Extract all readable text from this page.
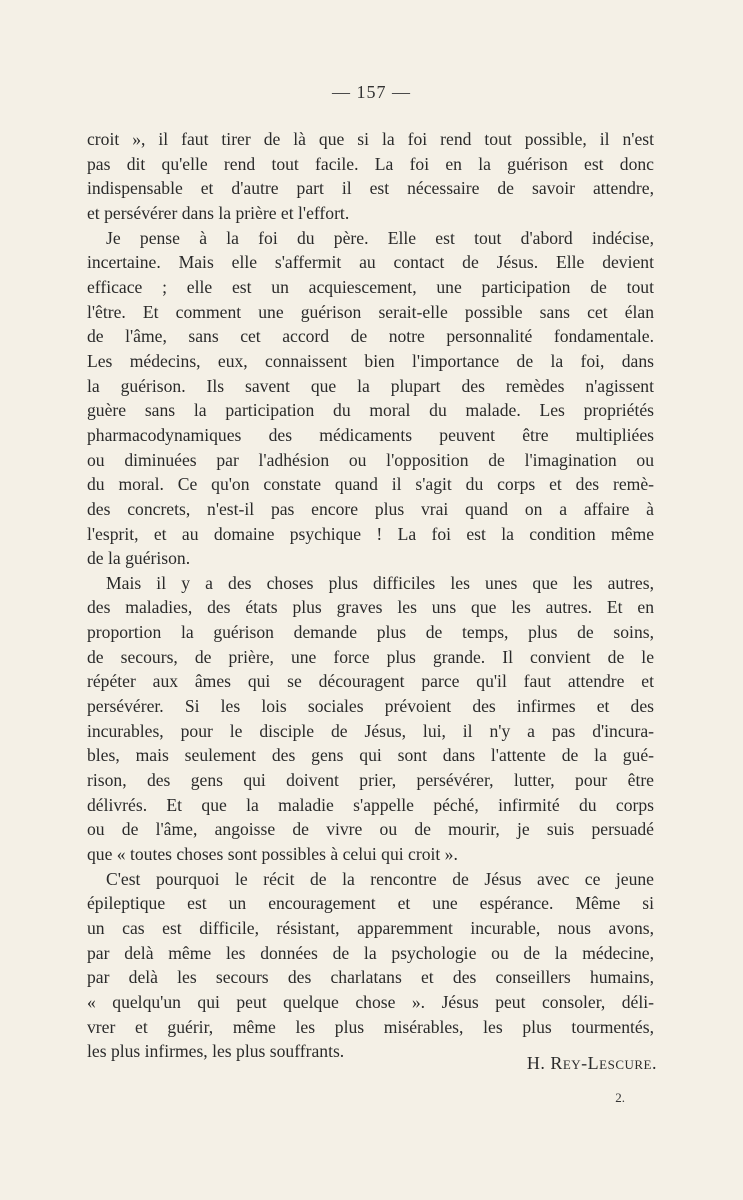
— 157 —
croit », il faut tirer de là que si la foi rend tout possible, il n'est
pas dit qu'elle rend tout facile. La foi en la guérison est donc
indispensable et d'autre part il est nécessaire de savoir attendre,
et persévérer dans la prière et l'effort.
Je pense à la foi du père. Elle est tout d'abord indécise,
incertaine. Mais elle s'affermit au contact de Jésus. Elle devient
efficace ; elle est un acquiescement, une participation de tout
l'être. Et comment une guérison serait-elle possible sans cet élan
de l'âme, sans cet accord de notre personnalité fondamentale.
Les médecins, eux, connaissent bien l'importance de la foi, dans
la guérison. Ils savent que la plupart des remèdes n'agissent
guère sans la participation du moral du malade. Les propriétés
pharmacodynamiques des médicaments peuvent être multipliées
ou diminuées par l'adhésion ou l'opposition de l'imagination ou
du moral. Ce qu'on constate quand il s'agit du corps et des remè-
des concrets, n'est-il pas encore plus vrai quand on a affaire à
l'esprit, et au domaine psychique ! La foi est la condition même
de la guérison.
Mais il y a des choses plus difficiles les unes que les autres,
des maladies, des états plus graves les uns que les autres. Et en
proportion la guérison demande plus de temps, plus de soins,
de secours, de prière, une force plus grande. Il convient de le
répéter aux âmes qui se découragent parce qu'il faut attendre et
persévérer. Si les lois sociales prévoient des infirmes et des
incurables, pour le disciple de Jésus, lui, il n'y a pas d'incura-
bles, mais seulement des gens qui sont dans l'attente de la gué-
rison, des gens qui doivent prier, persévérer, lutter, pour être
délivrés. Et que la maladie s'appelle péché, infirmité du corps
ou de l'âme, angoisse de vivre ou de mourir, je suis persuadé
que « toutes choses sont possibles à celui qui croit ».
C'est pourquoi le récit de la rencontre de Jésus avec ce jeune
épileptique est un encouragement et une espérance. Même si
un cas est difficile, résistant, apparemment incurable, nous avons,
par delà même les données de la psychologie ou de la médecine,
par delà les secours des charlatans et des conseillers humains,
« quelqu'un qui peut quelque chose ». Jésus peut consoler, déli-
vrer et guérir, même les plus misérables, les plus tourmentés,
les plus infirmes, les plus souffrants.
H. Rey-Lescure.
2.
